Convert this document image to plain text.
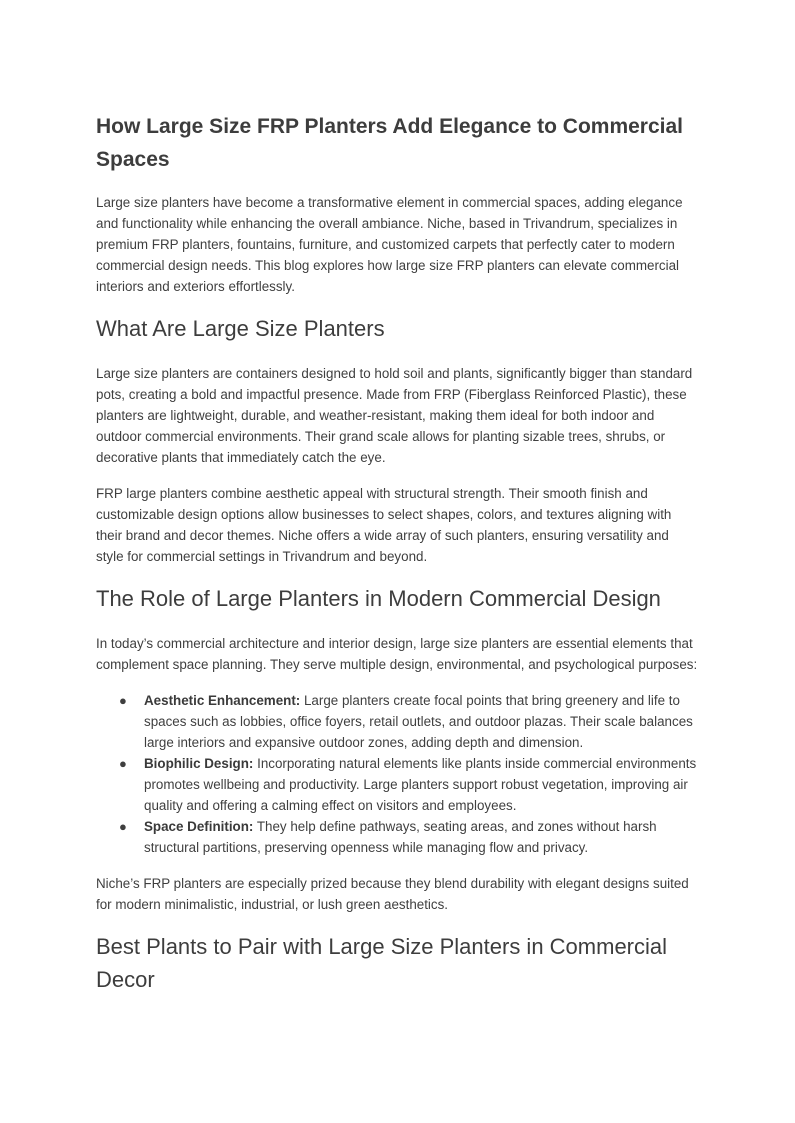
How Large Size FRP Planters Add Elegance to Commercial Spaces

Large size planters have become a transformative element in commercial spaces, adding elegance and functionality while enhancing the overall ambiance. Niche, based in Trivandrum, specializes in premium FRP planters, fountains, furniture, and customized carpets that perfectly cater to modern commercial design needs. This blog explores how large size FRP planters can elevate commercial interiors and exteriors effortlessly.

What Are Large Size Planters

Large size planters are containers designed to hold soil and plants, significantly bigger than standard pots, creating a bold and impactful presence. Made from FRP (Fiberglass Reinforced Plastic), these planters are lightweight, durable, and weather-resistant, making them ideal for both indoor and outdoor commercial environments. Their grand scale allows for planting sizable trees, shrubs, or decorative plants that immediately catch the eye.

FRP large planters combine aesthetic appeal with structural strength. Their smooth finish and customizable design options allow businesses to select shapes, colors, and textures aligning with their brand and decor themes. Niche offers a wide array of such planters, ensuring versatility and style for commercial settings in Trivandrum and beyond.

The Role of Large Planters in Modern Commercial Design

In today’s commercial architecture and interior design, large size planters are essential elements that complement space planning. They serve multiple design, environmental, and psychological purposes:

● Aesthetic Enhancement: Large planters create focal points that bring greenery and life to spaces such as lobbies, office foyers, retail outlets, and outdoor plazas. Their scale balances large interiors and expansive outdoor zones, adding depth and dimension.
● Biophilic Design: Incorporating natural elements like plants inside commercial environments promotes wellbeing and productivity. Large planters support robust vegetation, improving air quality and offering a calming effect on visitors and employees.
● Space Definition: They help define pathways, seating areas, and zones without harsh structural partitions, preserving openness while managing flow and privacy.

Niche’s FRP planters are especially prized because they blend durability with elegant designs suited for modern minimalistic, industrial, or lush green aesthetics.

Best Plants to Pair with Large Size Planters in Commercial Decor
